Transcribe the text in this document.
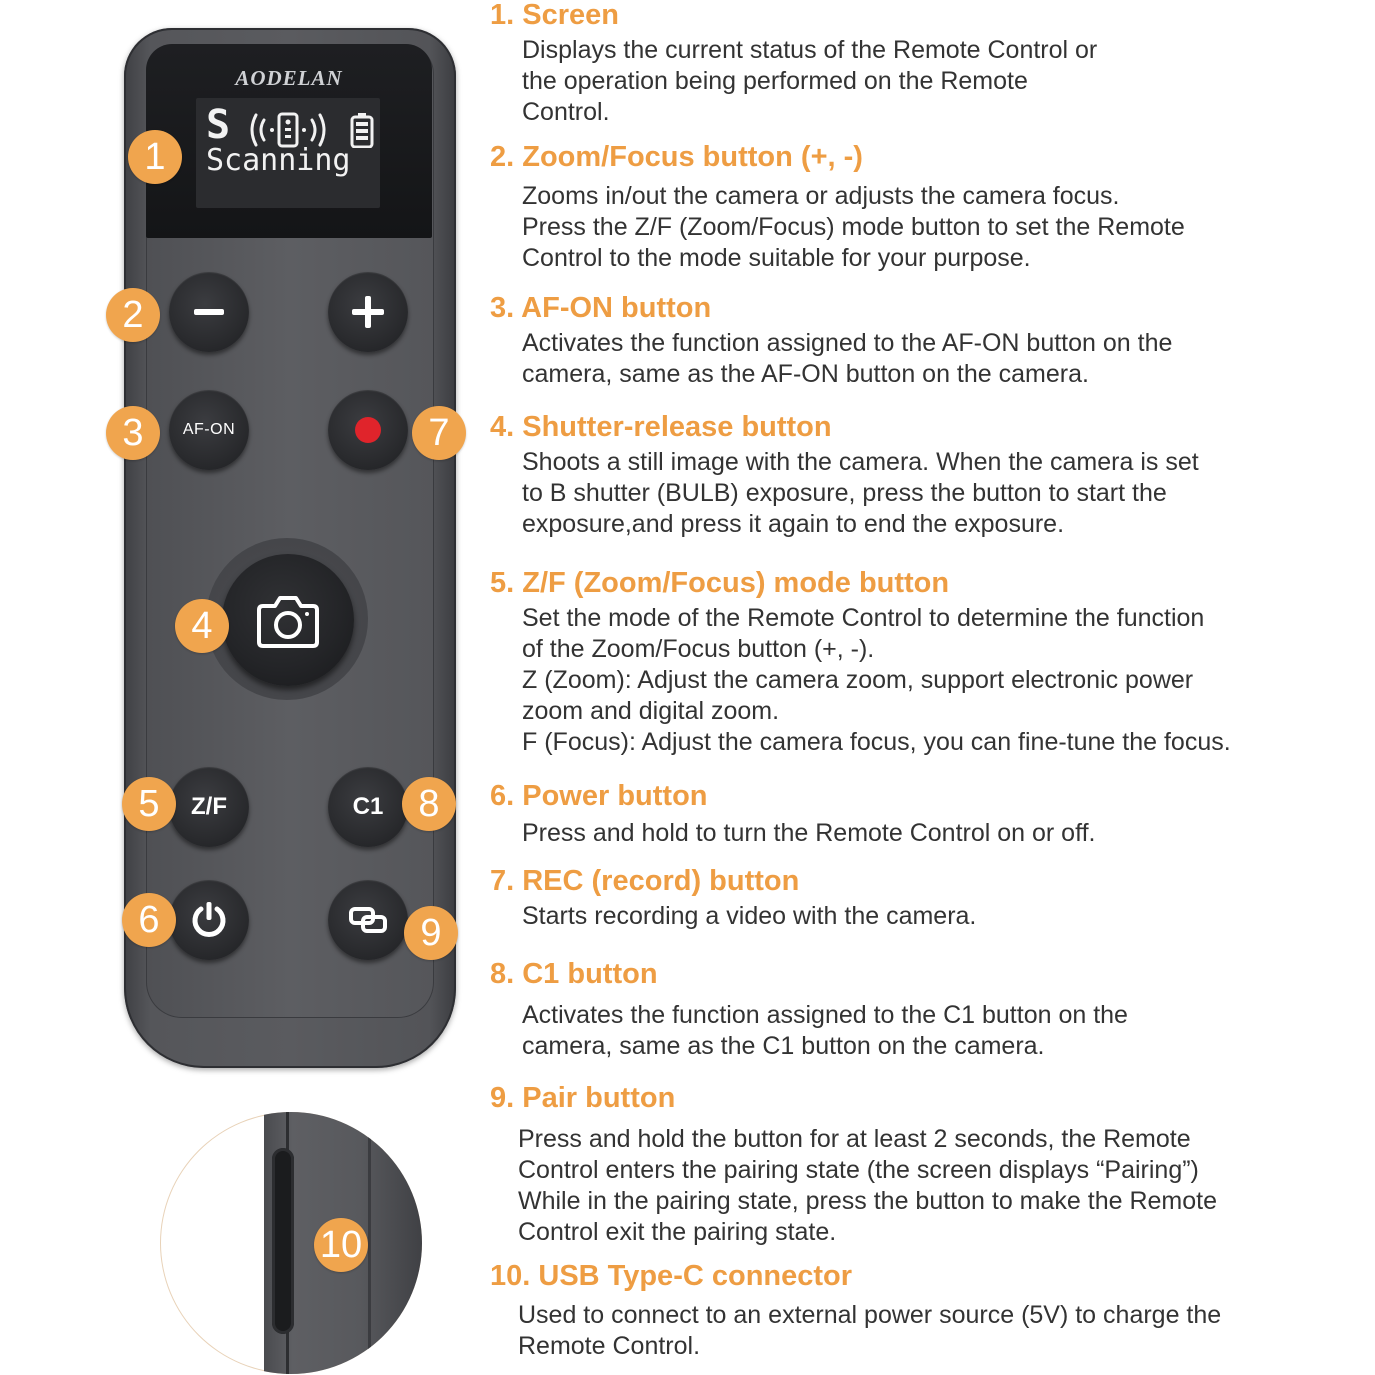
AODELAN
S
Scanning
AF-ON
Z/F	C1
1
2
3
4
5
6
7
8
9
10

1. Screen

Displays the current status of the Remote Control or
the operation being performed on the Remote
Control.

2. Zoom/Focus button (+, -)

Zooms in/out the camera or adjusts the camera focus.
Press the Z/F (Zoom/Focus) mode button to set the Remote
Control to the mode suitable for your purpose.

3. AF-ON button

Activates the function assigned to the AF-ON button on the
camera, same as the AF-ON button on the camera.

4. Shutter-release button

Shoots a still image with the camera. When the camera is set
to B shutter (BULB) exposure, press the button to start the
exposure,and press it again to end the exposure.

5. Z/F (Zoom/Focus) mode button

Set the mode of the Remote Control to determine the function
of the Zoom/Focus button (+, -).
Z (Zoom): Adjust the camera zoom, support electronic power
zoom and digital zoom.
F (Focus): Adjust the camera focus, you can fine-tune the focus.

6. Power button

Press and hold to turn the Remote Control on or off.

7. REC (record) button

Starts recording a video with the camera.

8. C1 button

Activates the function assigned to the C1 button on the
camera, same as the C1 button on the camera.

9. Pair button

Press and hold the button for at least 2 seconds, the Remote
Control enters the pairing state (the screen displays “Pairing”)
While in the pairing state, press the button to make the Remote
Control exit the pairing state.

10. USB Type-C connector

Used to connect to an external power source (5V) to charge the
Remote Control.
